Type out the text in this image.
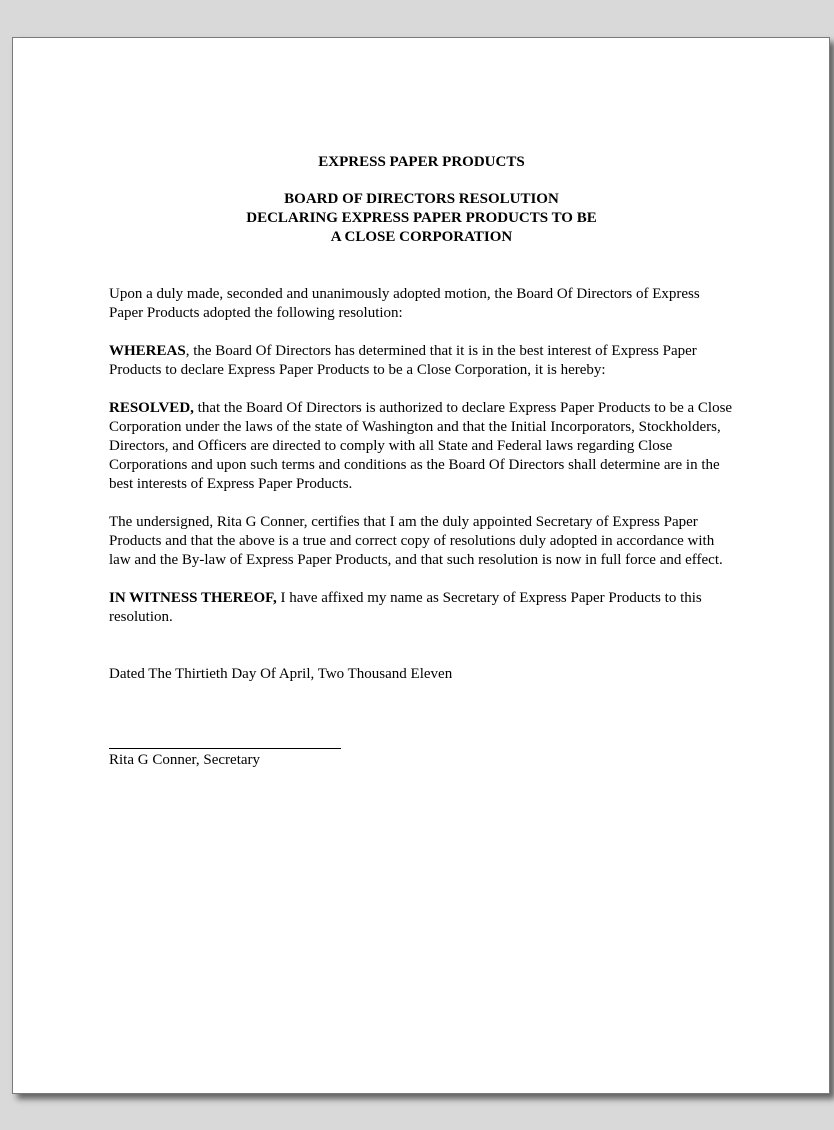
EXPRESS PAPER PRODUCTS

BOARD OF DIRECTORS RESOLUTION
DECLARING EXPRESS PAPER PRODUCTS TO BE
A CLOSE CORPORATION

Upon a duly made, seconded and unanimously adopted motion, the Board Of Directors of Express Paper Products adopted the following resolution:

WHEREAS, the Board Of Directors has determined that it is in the best interest of Express Paper Products to declare Express Paper Products to be a Close Corporation, it is hereby:

RESOLVED, that the Board Of Directors is authorized to declare Express Paper Products to be a Close Corporation under the laws of the state of Washington and that the Initial Incorporators, Stockholders, Directors, and Officers are directed to comply with all State and Federal laws regarding Close Corporations and upon such terms and conditions as the Board Of Directors shall determine are in the best interests of Express Paper Products.

The undersigned, Rita G Conner, certifies that I am the duly appointed Secretary of Express Paper Products and that the above is a true and correct copy of resolutions duly adopted in accordance with law and the By-law of Express Paper Products, and that such resolution is now in full force and effect.

IN WITNESS THEREOF, I have affixed my name as Secretary of Express Paper Products to this resolution.

Dated The Thirtieth Day Of April, Two Thousand Eleven

Rita G Conner, Secretary
